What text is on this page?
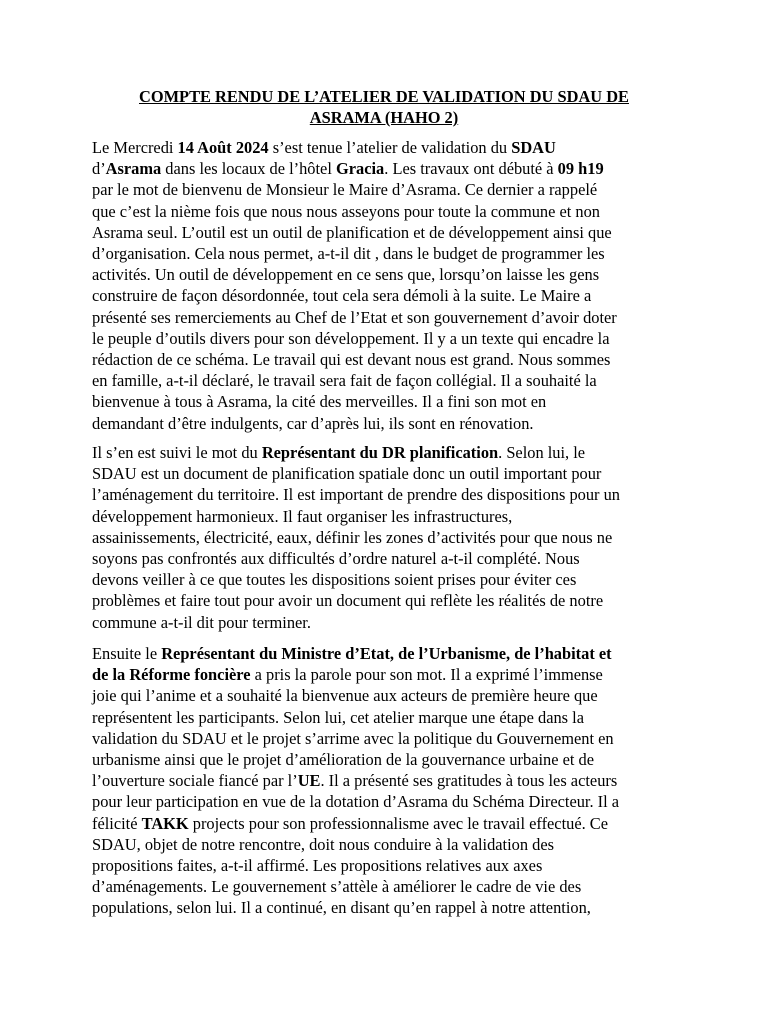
COMPTE RENDU DE L’ATELIER DE VALIDATION DU SDAU DE
ASRAMA (HAHO 2)

Le Mercredi 14 Août 2024 s’est tenue l’atelier de validation du SDAU
d’Asrama dans les locaux de l’hôtel Gracia. Les travaux ont débuté à 09 h19
par le mot de bienvenu de Monsieur le Maire d’Asrama. Ce dernier a rappelé
que c’est la nième fois que nous nous asseyons pour toute la commune et non
Asrama seul. L’outil est un outil de planification et de développement ainsi que
d’organisation. Cela nous permet, a-t-il dit , dans le budget de programmer les
activités. Un outil de développement en ce sens que, lorsqu’on laisse les gens
construire de façon désordonnée, tout cela sera démoli à la suite. Le Maire a
présenté ses remerciements au Chef de l’Etat et son gouvernement d’avoir doter
le peuple d’outils divers pour son développement. Il y a un texte qui encadre la
rédaction de ce schéma. Le travail qui est devant nous est grand. Nous sommes
en famille, a-t-il déclaré, le travail sera fait de façon collégial. Il a souhaité la
bienvenue à tous à Asrama, la cité des merveilles. Il a fini son mot en
demandant d’être indulgents, car d’après lui, ils sont en rénovation.

Il s’en est suivi le mot du Représentant du DR planification. Selon lui, le
SDAU est un document de planification spatiale donc un outil important pour
l’aménagement du territoire. Il est important de prendre des dispositions pour un
développement harmonieux. Il faut organiser les infrastructures,
assainissements, électricité, eaux, définir les zones d’activités pour que nous ne
soyons pas confrontés aux difficultés d’ordre naturel a-t-il complété. Nous
devons veiller à ce que toutes les dispositions soient prises pour éviter ces
problèmes et faire tout pour avoir un document qui reflète les réalités de notre
commune a-t-il dit pour terminer.

Ensuite le Représentant du Ministre d’Etat, de l’Urbanisme, de l’habitat et
de la Réforme foncière a pris la parole pour son mot. Il a exprimé l’immense
joie qui l’anime et a souhaité la bienvenue aux acteurs de première heure que
représentent les participants. Selon lui, cet atelier marque une étape dans la
validation du SDAU et le projet s’arrime avec la politique du Gouvernement en
urbanisme ainsi que le projet d’amélioration de la gouvernance urbaine et de
l’ouverture sociale fiancé par l’UE. Il a présenté ses gratitudes à tous les acteurs
pour leur participation en vue de la dotation d’Asrama du Schéma Directeur. Il a
félicité TAKK projects pour son professionnalisme avec le travail effectué. Ce
SDAU, objet de notre rencontre, doit nous conduire à la validation des
propositions faites, a-t-il affirmé. Les propositions relatives aux axes
d’aménagements. Le gouvernement s’attèle à améliorer le cadre de vie des
populations, selon lui. Il a continué, en disant qu’en rappel à notre attention,
